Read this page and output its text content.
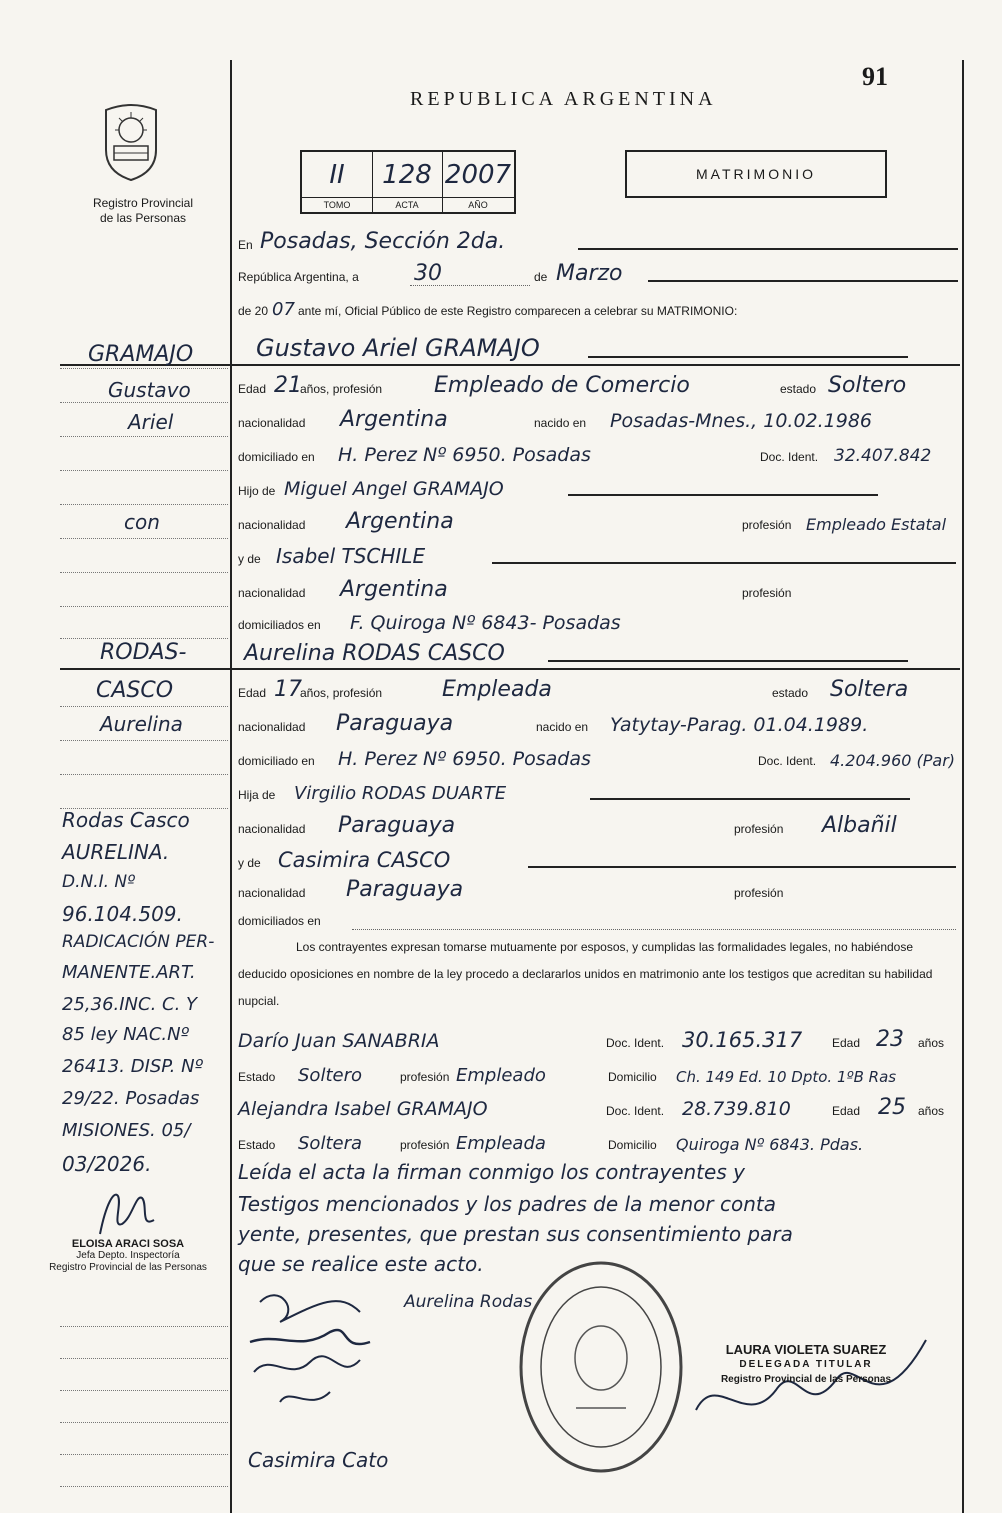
91
REPUBLICA ARGENTINA
Registro Provincial
de las Personas
II
TOMO
128
ACTA
2007
AÑO
MATRIMONIO
En Posadas, Sección 2da.
República Argentina, a	30	de Marzo
de 20 07 ante mí, Oficial Público de este Registro comparecen a celebrar su MATRIMONIO:
Gustavo Ariel GRAMAJO
Edad 21
años, profesión Empleado de Comercio	estado Soltero
nacionalidad Argentina	nacido en Posadas-Mnes., 10.02.1986
domiciliado en H. Perez Nº 6950. Posadas	Doc. Ident. 32.407.842
Hijo de Miguel Angel GRAMAJO
nacionalidad Argentina	profesión Empleado Estatal
y de Isabel TSCHILE
nacionalidad Argentina	profesión
domiciliados en F. Quiroga Nº 6843- Posadas
Aurelina RODAS CASCO
Edad 17
años, profesión	Empleada	estado Soltera
nacionalidad Paraguaya	nacido en Yatytay-Parag. 01.04.1989.
domiciliado en H. Perez Nº 6950. Posadas	Doc. Ident. 4.204.960 (Par)
Hija de Virgilio RODAS DUARTE
nacionalidad Paraguaya	profesión Albañil
y de Casimira CASCO
nacionalidad Paraguaya	profesión
domiciliados en
Los contrayentes expresan tomarse mutuamente por esposos, y cumplidas las formalidades legales, no habiéndose deducido oposiciones en nombre de la ley procedo a declararlos unidos en matrimonio ante los testigos que acreditan su habilidad nupcial.
Darío Juan SANABRIA	Doc. Ident. 30.165.317 Edad 23 años
Estado Soltero	profesión Empleado	Domicilio Ch. 149 Ed. 10 Dpto. 1ºB Ras
Alejandra Isabel GRAMAJO	Doc. Ident. 28.739.810	Edad 25 años
Estado Soltera	profesión Empleada	Domicilio Quiroga Nº 6843. Pdas.
Leída el acta la firman conmigo los contrayentes y
Testigos mencionados y los padres de la menor conta
yente, presentes, que prestan sus consentimiento para
que se realice este acto.
GRAMAJO
Gustavo
Ariel
con
RODAS-
CASCO
Aurelina
Rodas Casco
AURELINA.
D.N.I. Nº
96.104.509.
RADICACIÓN PER-
MANENTE.ART.
25,36.INC. C. Y
85 ley NAC.Nº
26413. DISP. Nº
29/22. Posadas
MISIONES. 05/
03/2026.
ELOISA ARACI SOSA
Jefa Depto. Inspectoría
Registro Provincial de las Personas
Aurelina Rodas
Casimira Cato
LAURA VIOLETA SUAREZ
DELEGADA TITULAR
Registro Provincial de las Personas
